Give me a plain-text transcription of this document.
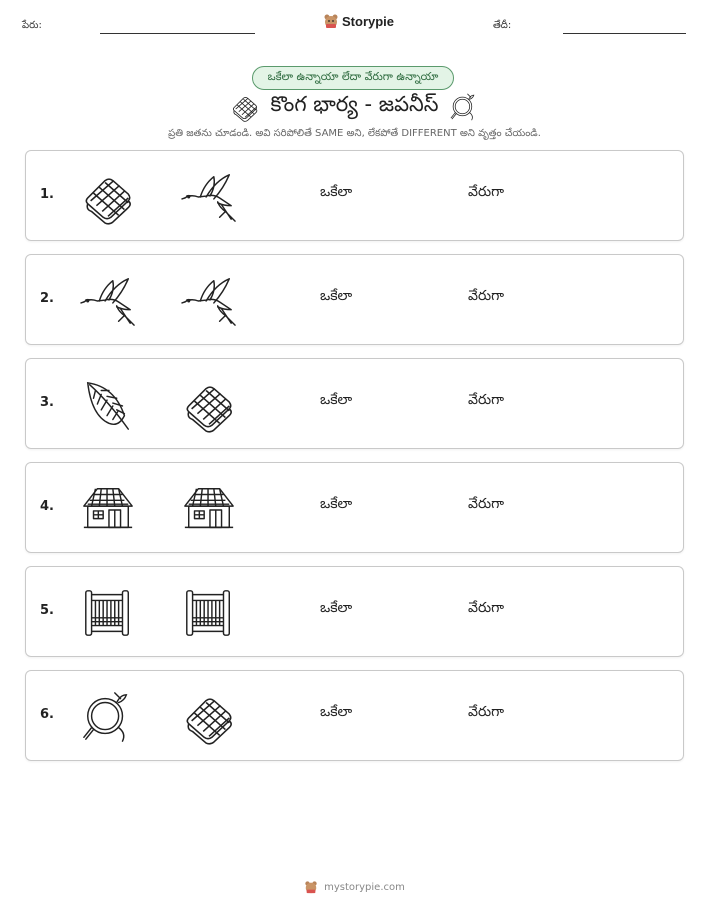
పేరు:	Storypie	తేదీ:
ఒకేలా ఉన్నాయా లేదా వేరుగా ఉన్నాయా
కొంగ భార్య - జపనీస్
ప్రతి జతను చూడండి. అవి సరిపోలితే SAME అని, లేకపోతే DIFFERENT అని వృత్తం చేయండి.
1.	ఒకేలా	వేరుగా
2.	ఒకేలా	వేరుగా
3.	ఒకేలా	వేరుగా
4.	ఒకేలా	వేరుగా
5.	ఒకేలా	వేరుగా
6.	ఒకేలా	వేరుగా
mystorypie.com
